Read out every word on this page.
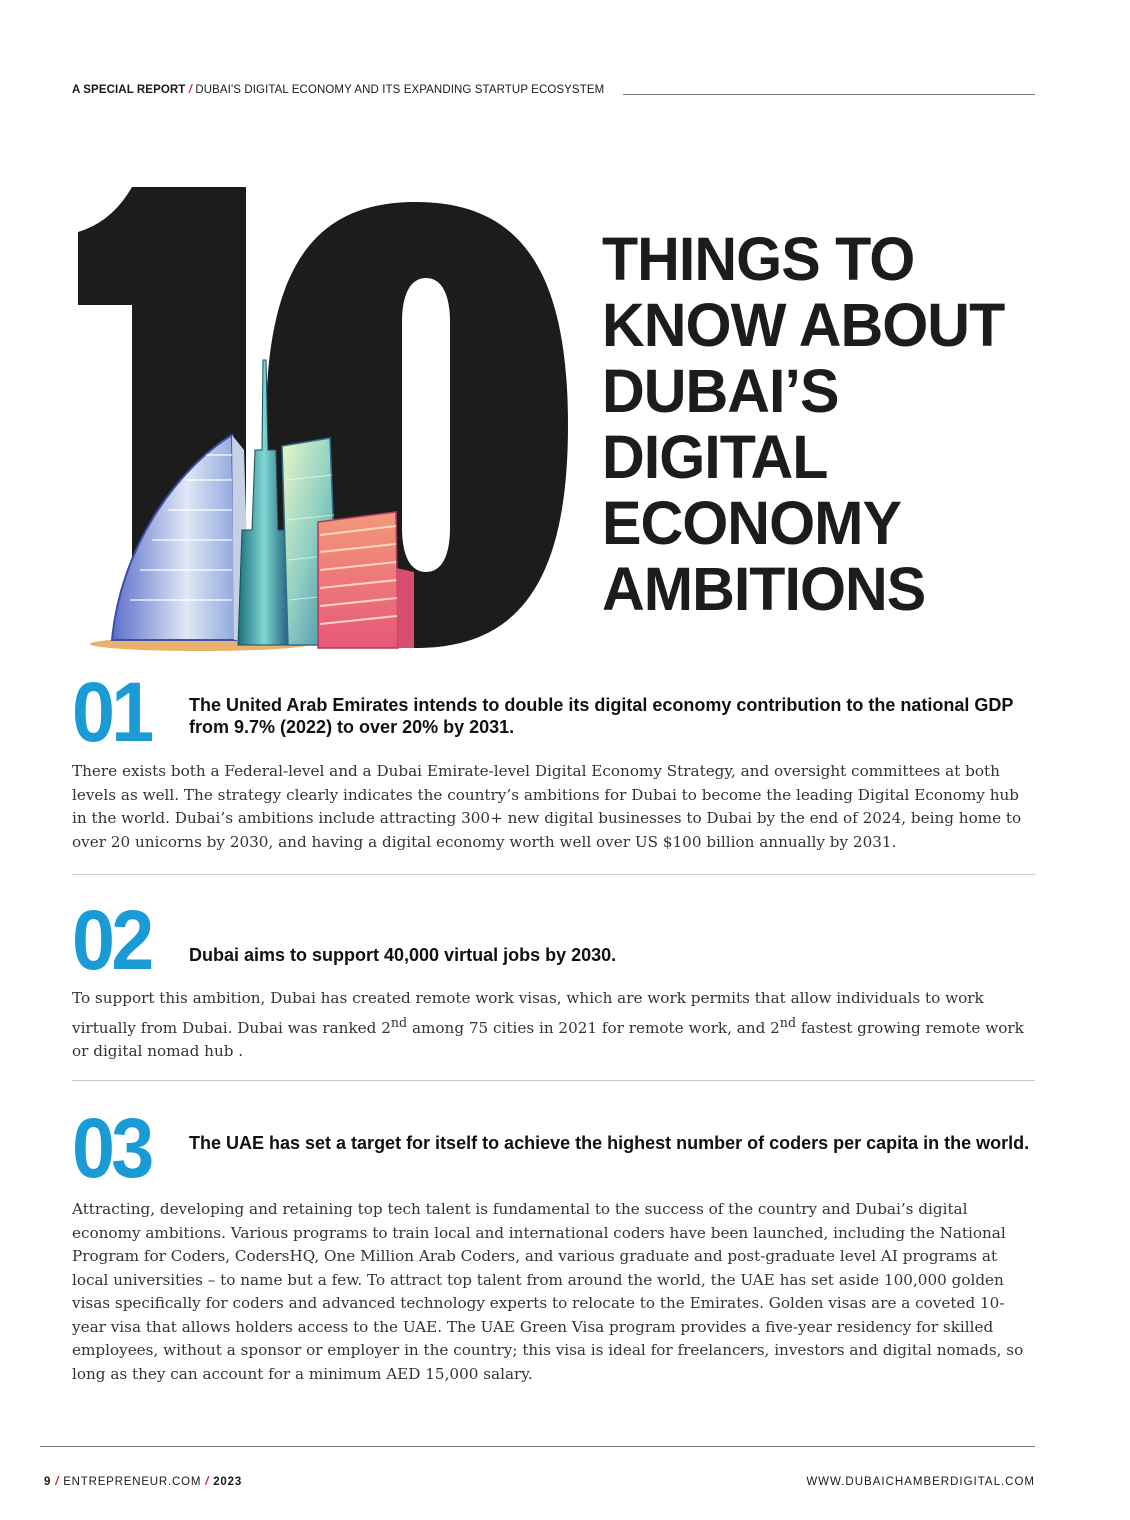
A SPECIAL REPORT / DUBAI'S DIGITAL ECONOMY AND ITS EXPANDING STARTUP ECOSYSTEM
THINGS TO
KNOW ABOUT
DUBAI’S
DIGITAL
ECONOMY
AMBITIONS
01 The United Arab Emirates intends to double its digital economy contribution to the national GDP from 9.7% (2022) to over 20% by 2031.
There exists both a Federal-level and a Dubai Emirate-level Digital Economy Strategy, and oversight committees at both levels as well. The strategy clearly indicates the country’s ambitions for Dubai to become the leading Digital Economy hub in the world. Dubai’s ambitions include attracting 300+ new digital businesses to Dubai by the end of 2024, being home to over 20 unicorns by 2030, and having a digital economy worth well over US $100 billion annually by 2031.
02 Dubai aims to support 40,000 virtual jobs by 2030.
To support this ambition, Dubai has created remote work visas, which are work permits that allow individuals to work virtually from Dubai. Dubai was ranked 2nd among 75 cities in 2021 for remote work, and 2nd fastest growing remote work or digital nomad hub .
03 The UAE has set a target for itself to achieve the highest number of coders per capita in the world.
Attracting, developing and retaining top tech talent is fundamental to the success of the country and Dubai’s digital economy ambitions. Various programs to train local and international coders have been launched, including the National Program for Coders, CodersHQ, One Million Arab Coders, and various graduate and post-graduate level AI programs at local universities – to name but a few. To attract top talent from around the world, the UAE has set aside 100,000 golden visas specifically for coders and advanced technology experts to relocate to the Emirates. Golden visas are a coveted 10-year visa that allows holders access to the UAE. The UAE Green Visa program provides a five-year residency for skilled employees, without a sponsor or employer in the country; this visa is ideal for freelancers, investors and digital nomads, so long as they can account for a minimum AED 15,000 salary.
9 / ENTREPRENEUR.COM / 2023	WWW.DUBAICHAMBERDIGITAL.COM
